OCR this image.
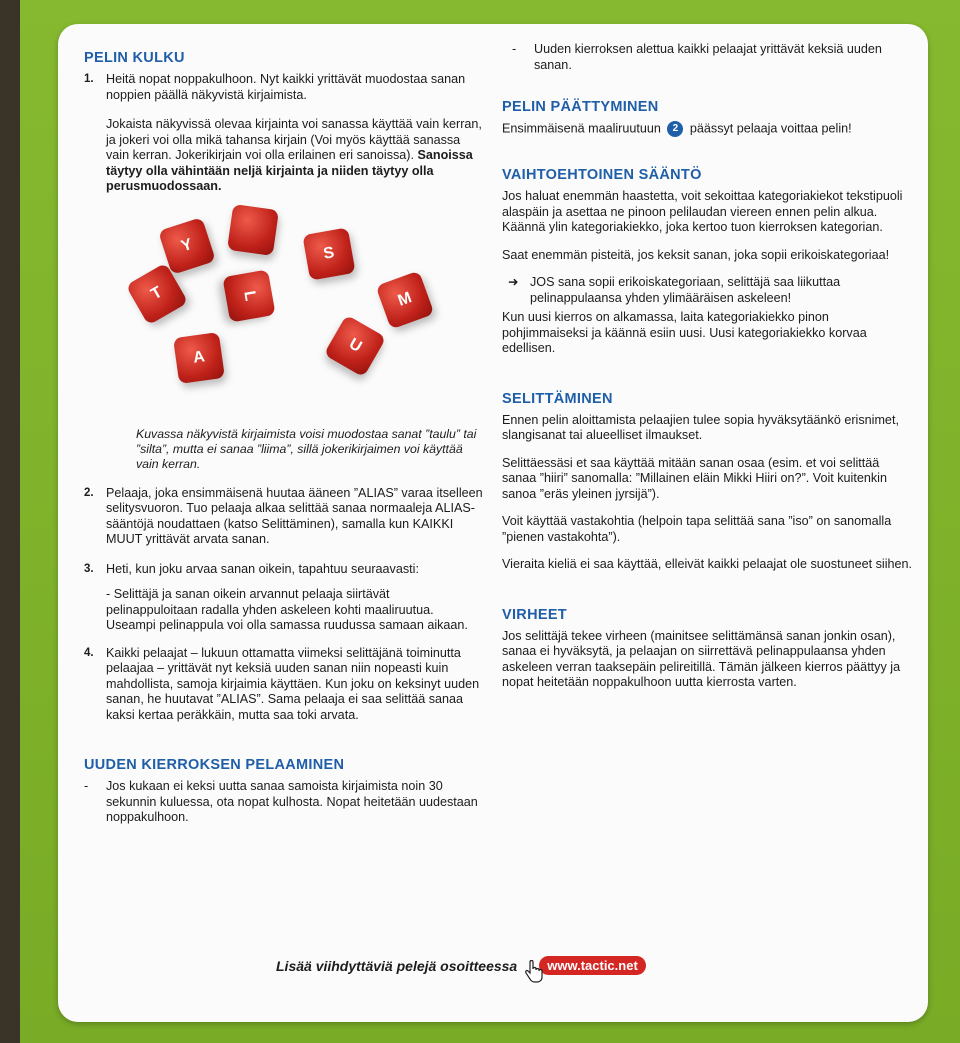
PELIN KULKU
1. Heitä nopat noppakulhoon. Nyt kaikki yrittävät muodostaa sanan noppien päällä näkyvistä kirjaimista.

Jokaista näkyvissä olevaa kirjainta voi sanassa käyttää vain kerran, ja jokeri voi olla mikä tahansa kirjain (Voi myös käyttää sanassa vain kerran. Jokerikirjain voi olla erilainen eri sanoissa). Sanoissa täytyy olla vähintään neljä kirjainta ja niiden täytyy olla perusmuodossaan.

Y	S
T	L	M
A
U
Kuvassa näkyvistä kirjaimista voisi muodostaa sanat ”taulu” tai ”silta”, mutta ei sanaa ”liima”, sillä jokerikirjaimen voi käyttää vain kerran.
2. Pelaaja, joka ensimmäisenä huutaa ääneen ”ALIAS” varaa itselleen selitysvuoron. Tuo pelaaja alkaa selittää sanaa normaaleja ALIAS-sääntöjä noudattaen (katso Selittäminen), samalla kun KAIKKI MUUT yrittävät arvata sanan.
3. Heti, kun joku arvaa sanan oikein, tapahtuu seuraavasti:

- Selittäjä ja sanan oikein arvannut pelaaja siirtävät pelinappuloitaan radalla yhden askeleen kohti maaliruutua. Useampi pelinappula voi olla samassa ruudussa samaan aikaan.

4. Kaikki pelaajat – lukuun ottamatta viimeksi selittäjänä toiminutta pelaajaa – yrittävät nyt keksiä uuden sanan niin nopeasti kuin mahdollista, samoja kirjaimia käyttäen. Kun joku on keksinyt uuden sanan, he huutavat ”ALIAS”. Sama pelaaja ei saa selittää sanaa kaksi kertaa peräkkäin, mutta saa toki arvata.
UUDEN KIERROKSEN PELAAMINEN
-	Jos kukaan ei keksi uutta sanaa samoista kirjaimista noin 30 sekunnin kuluessa, ota nopat kulhosta. Nopat heitetään uudestaan noppakulhoon.
-	Uuden kierroksen alettua kaikki pelaajat yrittävät keksiä uuden sanan.
PELIN PÄÄTTYMINEN

Ensimmäisenä maaliruutuun 2 päässyt pelaaja voittaa pelin!

VAIHTOEHTOINEN SÄÄNTÖ

Jos haluat enemmän haastetta, voit sekoittaa kategoriakiekot tekstipuoli alaspäin ja asettaa ne pinoon pelilaudan viereen ennen pelin alkua. Käännä ylin kategoriakiekko, joka kertoo tuon kierroksen kategorian.

Saat enemmän pisteitä, jos keksit sanan, joka sopii erikoiskategoriaa!

➜ JOS sana sopii erikoiskategoriaan, selittäjä saa liikuttaa pelinappulaansa yhden ylimääräisen askeleen!

Kun uusi kierros on alkamassa, laita kategoriakiekko pinon pohjimmaiseksi ja käännä esiin uusi. Uusi kategoriakiekko korvaa edellisen.

SELITTÄMINEN

Ennen pelin aloittamista pelaajien tulee sopia hyväksytäänkö erisnimet, slangisanat tai alueelliset ilmaukset.

Selittäessäsi et saa käyttää mitään sanan osaa (esim. et voi selittää sanaa ”hiiri” sanomalla: ”Millainen eläin Mikki Hiiri on?”. Voit kuitenkin sanoa ”eräs yleinen jyrsijä”).

Voit käyttää vastakohtia (helpoin tapa selittää sana ”iso” on sanomalla ”pienen vastakohta”).

Vieraita kieliä ei saa käyttää, elleivät kaikki pelaajat ole suostuneet siihen.

VIRHEET

Jos selittäjä tekee virheen (mainitsee selittämänsä sanan jonkin osan), sanaa ei hyväksytä, ja pelaajan on siirrettävä pelinappulaansa yhden askeleen verran taaksepäin pelireitillä. Tämän jälkeen kierros päättyy ja nopat heitetään noppakulhoon uutta kierrosta varten.

Lisää viihdyttäviä pelejä osoitteessa	www.tactic.net
